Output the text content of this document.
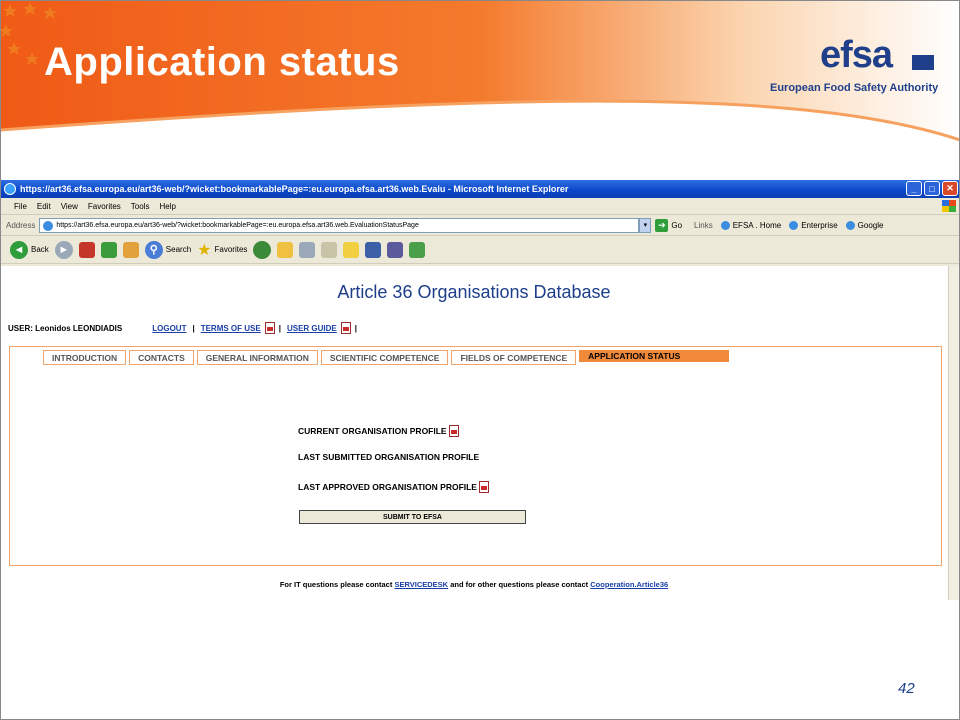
Application status	efsa
European Food Safety Authority
https://art36.efsa.europa.eu/art36-web/?wicket:bookmarkablePage=:eu.europa.efsa.art36.web.Evalu - Microsoft Internet Explorer	_	□	✕
File Edit View Favorites Tools Help
Address	https://art36.efsa.europa.eu/art36-web/?wicket:bookmarkablePage=:eu.europa.efsa.art36.web.EvaluationStatusPage	▾	➔ Go Links	EFSA . Home	Enterprise	Google
◄ Back ►	⚲ Search ★ Favorites
Article 36 Organisations Database
USER: Leonidos LEONDIADIS	LOGOUT | TERMS OF USE | USER GUIDE |
INTRODUCTION	CONTACTS	GENERAL INFORMATION	SCIENTIFIC COMPETENCE	FIELDS OF COMPETENCE	APPLICATION STATUS
CURRENT ORGANISATION PROFILE
LAST SUBMITTED ORGANISATION PROFILE
LAST APPROVED ORGANISATION PROFILE
SUBMIT TO EFSA
For IT questions please contact SERVICEDESK and for other questions please contact Cooperation.Article36
42
